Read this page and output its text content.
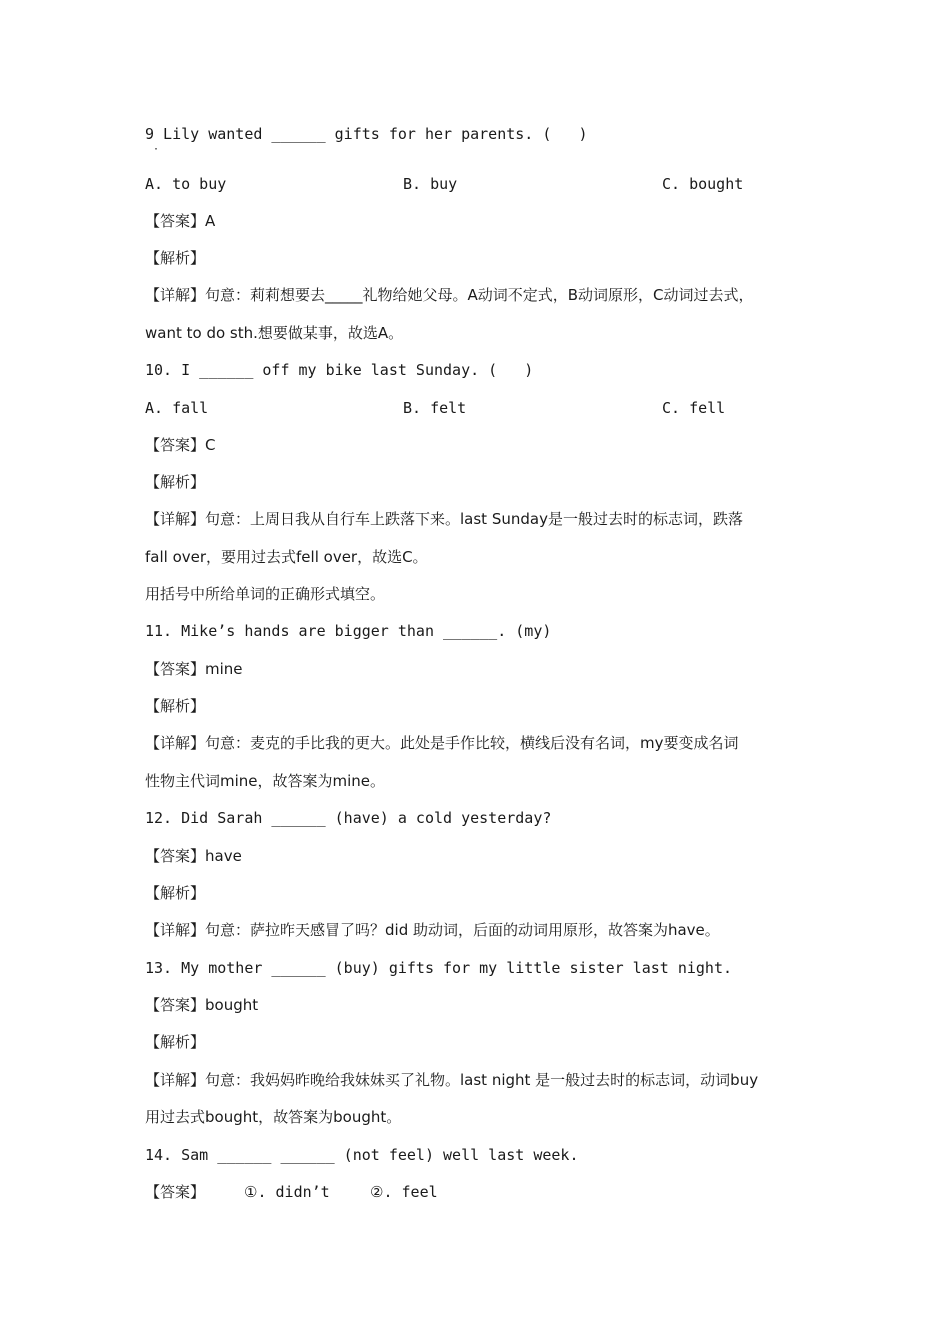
9 Lily wanted ______ gifts for her parents. (   )
·
A. to buy	B. buy	C. bought
【答案】A
【解析】
【详解】句意：莉莉想要去_____礼物给她父母。A动词不定式，B动词原形，C动词过去式，
want to do sth.想要做某事，故选A。
10. I ______ off my bike last Sunday. (   )
A. fall	B. felt	C. fell
【答案】C
【解析】
【详解】句意：上周日我从自行车上跌落下来。last Sunday是一般过去时的标志词，跌落
fall over，要用过去式fell over，故选C。
用括号中所给单词的正确形式填空。
11. Mike’s hands are bigger than ______. (my)
【答案】mine
【解析】
【详解】句意：麦克的手比我的更大。此处是手作比较，横线后没有名词，my要变成名词
性物主代词mine，故答案为mine。
12. Did Sarah ______ (have) a cold yesterday?
【答案】have
【解析】
【详解】句意：萨拉昨天感冒了吗？did 助动词，后面的动词用原形，故答案为have。
13. My mother ______ (buy) gifts for my little sister last night.
【答案】bought
【解析】
【详解】句意：我妈妈昨晚给我妹妹买了礼物。last night 是一般过去时的标志词，动词buy
用过去式bought，故答案为bought。
14. Sam ______ ______ (not feel) well last week.
【答案】	①. didn’t	②. feel
